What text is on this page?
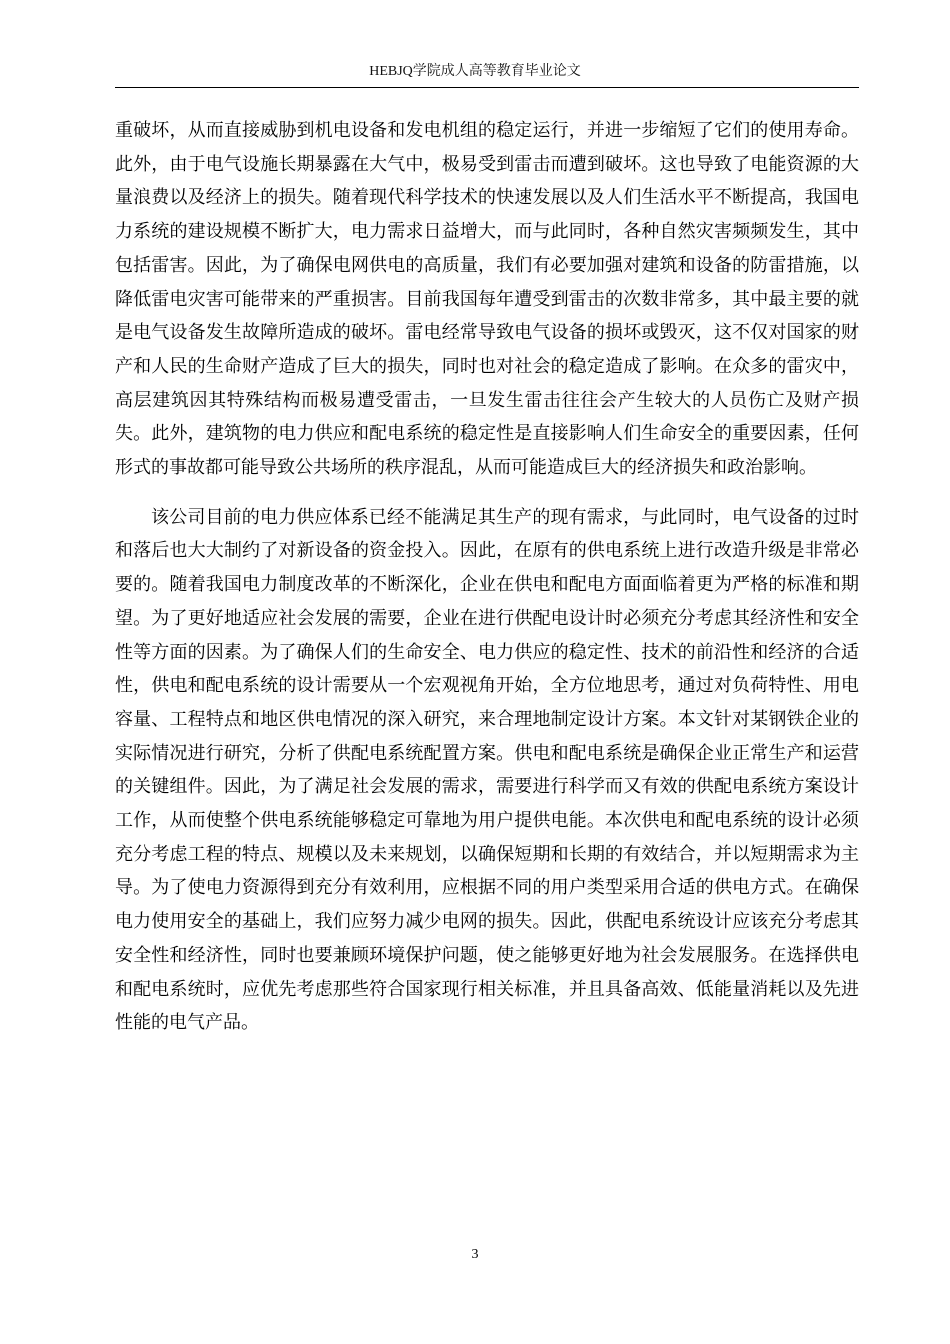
HEBJQ学院成人高等教育毕业论文

重破坏，从而直接威胁到机电设备和发电机组的稳定运行，并进一步缩短了它们的使用寿命。此外，由于电气设施长期暴露在大气中，极易受到雷击而遭到破坏。这也导致了电能资源的大量浪费以及经济上的损失。随着现代科学技术的快速发展以及人们生活水平不断提高，我国电力系统的建设规模不断扩大，电力需求日益增大，而与此同时，各种自然灾害频频发生，其中包括雷害。因此，为了确保电网供电的高质量，我们有必要加强对建筑和设备的防雷措施，以降低雷电灾害可能带来的严重损害。目前我国每年遭受到雷击的次数非常多，其中最主要的就是电气设备发生故障所造成的破坏。雷电经常导致电气设备的损坏或毁灭，这不仅对国家的财产和人民的生命财产造成了巨大的损失，同时也对社会的稳定造成了影响。在众多的雷灾中，高层建筑因其特殊结构而极易遭受雷击，一旦发生雷击往往会产生较大的人员伤亡及财产损失。此外，建筑物的电力供应和配电系统的稳定性是直接影响人们生命安全的重要因素，任何形式的事故都可能导致公共场所的秩序混乱，从而可能造成巨大的经济损失和政治影响。

该公司目前的电力供应体系已经不能满足其生产的现有需求，与此同时，电气设备的过时和落后也大大制约了对新设备的资金投入。因此，在原有的供电系统上进行改造升级是非常必要的。随着我国电力制度改革的不断深化，企业在供电和配电方面面临着更为严格的标准和期望。为了更好地适应社会发展的需要，企业在进行供配电设计时必须充分考虑其经济性和安全性等方面的因素。为了确保人们的生命安全、电力供应的稳定性、技术的前沿性和经济的合适性，供电和配电系统的设计需要从一个宏观视角开始，全方位地思考，通过对负荷特性、用电容量、工程特点和地区供电情况的深入研究，来合理地制定设计方案。本文针对某钢铁企业的实际情况进行研究，分析了供配电系统配置方案。供电和配电系统是确保企业正常生产和运营的关键组件。因此，为了满足社会发展的需求，需要进行科学而又有效的供配电系统方案设计工作，从而使整个供电系统能够稳定可靠地为用户提供电能。本次供电和配电系统的设计必须充分考虑工程的特点、规模以及未来规划，以确保短期和长期的有效结合，并以短期需求为主导。为了使电力资源得到充分有效利用，应根据不同的用户类型采用合适的供电方式。在确保电力使用安全的基础上，我们应努力减少电网的损失。因此，供配电系统设计应该充分考虑其安全性和经济性，同时也要兼顾环境保护问题，使之能够更好地为社会发展服务。在选择供电和配电系统时，应优先考虑那些符合国家现行相关标准，并且具备高效、低能量消耗以及先进性能的电气产品。

3
